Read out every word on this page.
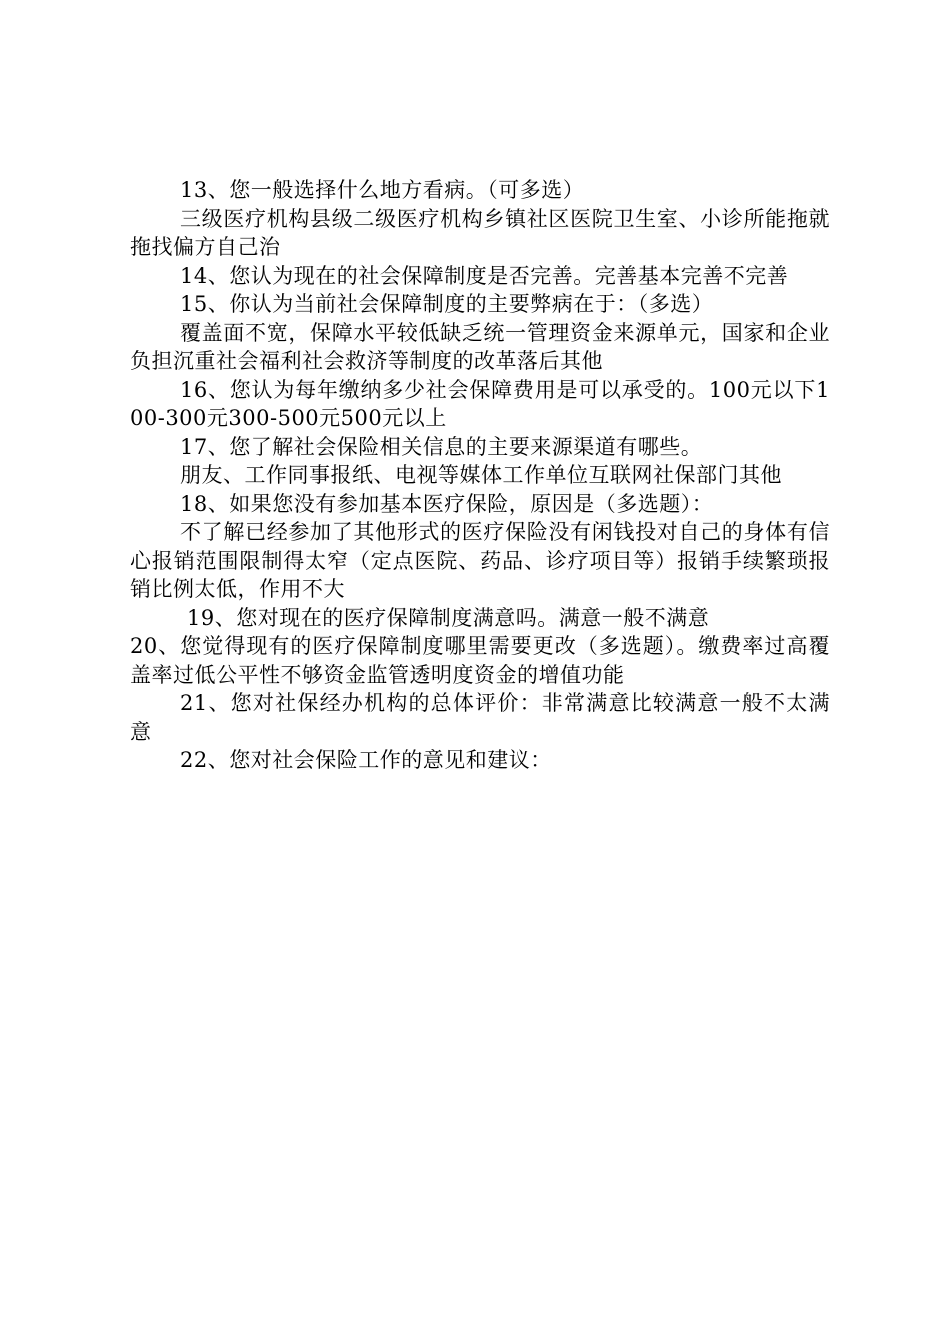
13、您一般选择什么地方看病。（可多选）

三级医疗机构县级二级医疗机构乡镇社区医院卫生室、小诊所能拖就拖找偏方自己治

14、您认为现在的社会保障制度是否完善。完善基本完善不完善

15、你认为当前社会保障制度的主要弊病在于：（多选）

覆盖面不宽，保障水平较低缺乏统一管理资金来源单元，国家和企业负担沉重社会福利社会救济等制度的改革落后其他

16、您认为每年缴纳多少社会保障费用是可以承受的。100元以下100-300元300-500元500元以上

17、您了解社会保险相关信息的主要来源渠道有哪些。

朋友、工作同事报纸、电视等媒体工作单位互联网社保部门其他

18、如果您没有参加基本医疗保险，原因是（多选题）：

不了解已经参加了其他形式的医疗保险没有闲钱投对自己的身体有信心报销范围限制得太窄（定点医院、药品、诊疗项目等）报销手续繁琐报销比例太低，作用不大

19、您对现在的医疗保障制度满意吗。满意一般不满意

20、您觉得现有的医疗保障制度哪里需要更改（多选题）。缴费率过高覆盖率过低公平性不够资金监管透明度资金的增值功能

21、您对社保经办机构的总体评价：非常满意比较满意一般不太满意

22、您对社会保险工作的意见和建议：
